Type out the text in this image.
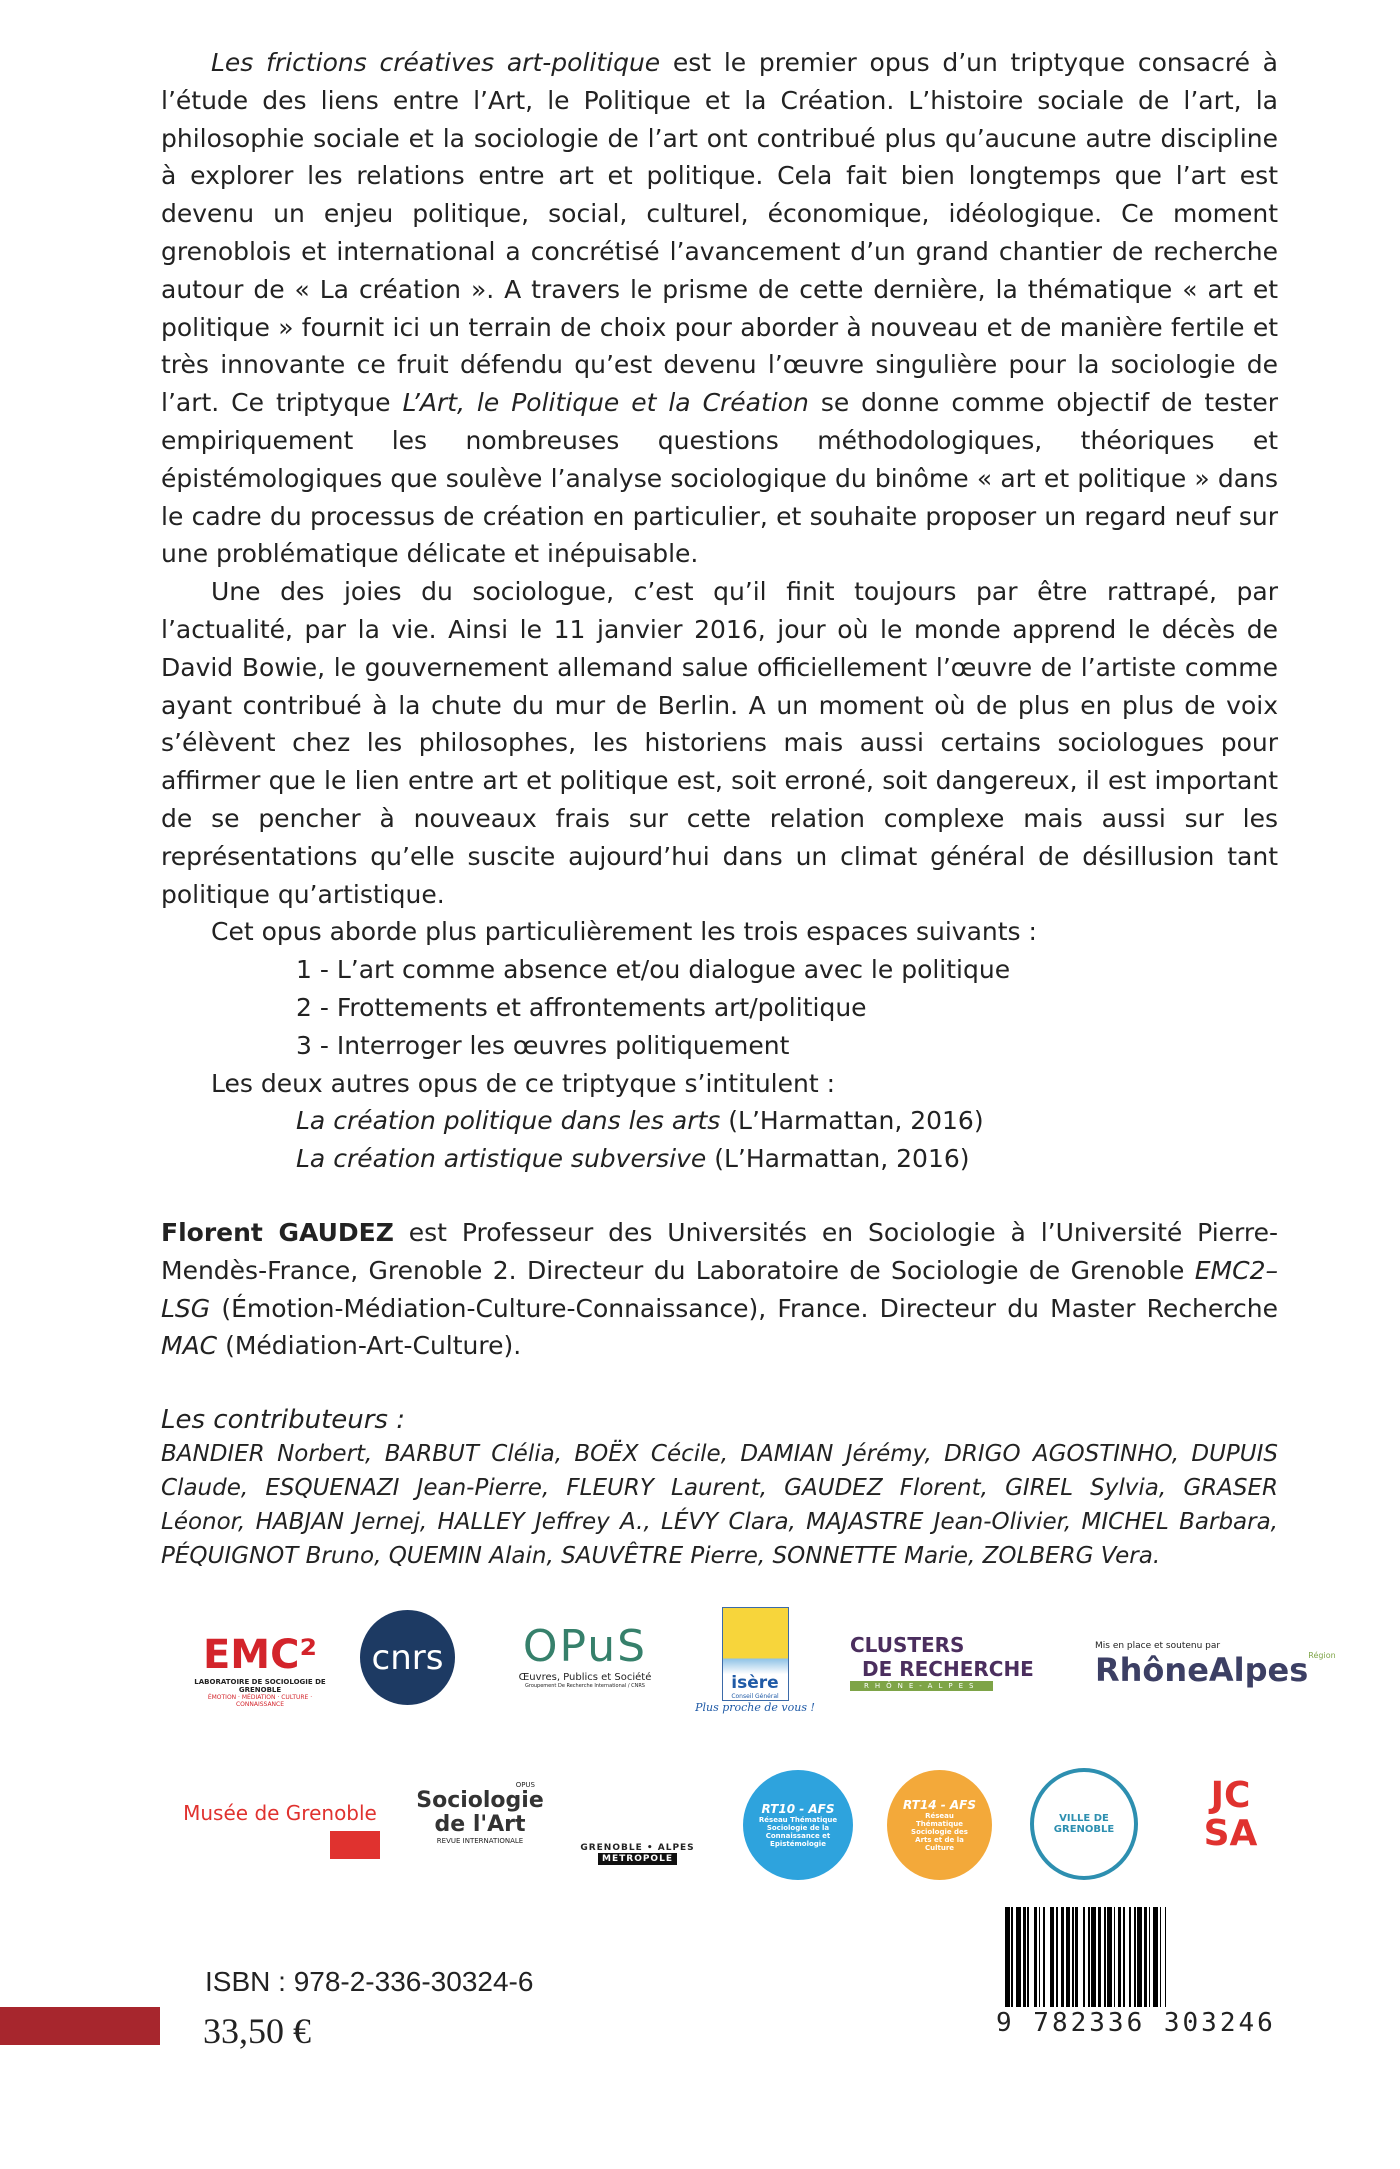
Les frictions créatives art-politique est le premier opus d’un triptyque consacré à l’étude des liens entre l’Art, le Politique et la Création. L’histoire sociale de l’art, la philosophie sociale et la sociologie de l’art ont contribué plus qu’aucune autre discipline à explorer les relations entre art et politique. Cela fait bien longtemps que l’art est devenu un enjeu politique, social, culturel, économique, idéologique. Ce moment grenoblois et international a concrétisé l’avancement d’un grand chantier de recherche autour de « La création ». A travers le prisme de cette dernière, la thématique « art et politique » fournit ici un terrain de choix pour aborder à nouveau et de manière fertile et très innovante ce fruit défendu qu’est devenu l’œuvre singulière pour la sociologie de l’art. Ce triptyque L’Art, le Politique et la Création se donne comme objectif de tester empiriquement les nombreuses questions méthodologiques, théoriques et épistémologiques que soulève l’analyse sociologique du binôme « art et politique » dans le cadre du processus de création en particulier, et souhaite proposer un regard neuf sur une problématique délicate et inépuisable.

Une des joies du sociologue, c’est qu’il finit toujours par être rattrapé, par l’actualité, par la vie. Ainsi le 11 janvier 2016, jour où le monde apprend le décès de David Bowie, le gouvernement allemand salue officiellement l’œuvre de l’artiste comme ayant contribué à la chute du mur de Berlin. A un moment où de plus en plus de voix s’élèvent chez les philosophes, les historiens mais aussi certains sociologues pour affirmer que le lien entre art et politique est, soit erroné, soit dangereux, il est important de se pencher à nouveaux frais sur cette relation complexe mais aussi sur les représentations qu’elle suscite aujourd’hui dans un climat général de désillusion tant politique qu’artistique.

Cet opus aborde plus particulièrement les trois espaces suivants :

1 - L’art comme absence et/ou dialogue avec le politique
2 - Frottements et affrontements art/politique
3 - Interroger les œuvres politiquement

Les deux autres opus de ce triptyque s’intitulent :

La création politique dans les arts (L’Harmattan, 2016)
La création artistique subversive (L’Harmattan, 2016)
Florent GAUDEZ est Professeur des Universités en Sociologie à l’Université Pierre-Mendès-France, Grenoble 2. Directeur du Laboratoire de Sociologie de Grenoble EMC2–LSG (Émotion-Médiation-Culture-Connaissance), France. Directeur du Master Recherche MAC (Médiation-Art-Culture).
Les contributeurs :
BANDIER Norbert, BARBUT Clélia, BOËX Cécile, DAMIAN Jérémy, DRIGO AGOSTINHO, DUPUIS Claude, ESQUENAZI Jean-Pierre, FLEURY Laurent, GAUDEZ Florent, GIREL Sylvia, GRASER Léonor, HABJAN Jernej, HALLEY Jeffrey A., LÉVY Clara, MAJASTRE Jean-Olivier, MICHEL Barbara, PÉQUIGNOT Bruno, QUEMIN Alain, SAUVÊTRE Pierre, SONNETTE Marie, ZOLBERG Vera.
EMC²
LABORATOIRE DE SOCIOLOGIE DE GRENOBLE
ÉMOTION · MÉDIATION · CULTURE · CONNAISSANCE
cnrs OPuS
Œuvres, Publics et Société
Groupement De Recherche International / CNRS	isère
Conseil Général
Plus proche de vous !
CLUSTERS
DE RECHERCHE
RHÔNE-ALPES
Mis en place et soutenu par
RhôneAlpes Région
Musée de Grenoble
OPUS
Sociologie de l'Art
REVUE INTERNATIONALE
GRENOBLE • ALPES
METROPOLE
RT10 - AFS
Réseau Thématique Sociologie de la Connaissance et Epistémologie
RT14 - AFS
Réseau Thématique Sociologie des Arts et de la Culture
VILLE DE GRENOBLE
JCSA
ISBN : 978-2-336-30324-6
33,50 €	9 782336 303246
